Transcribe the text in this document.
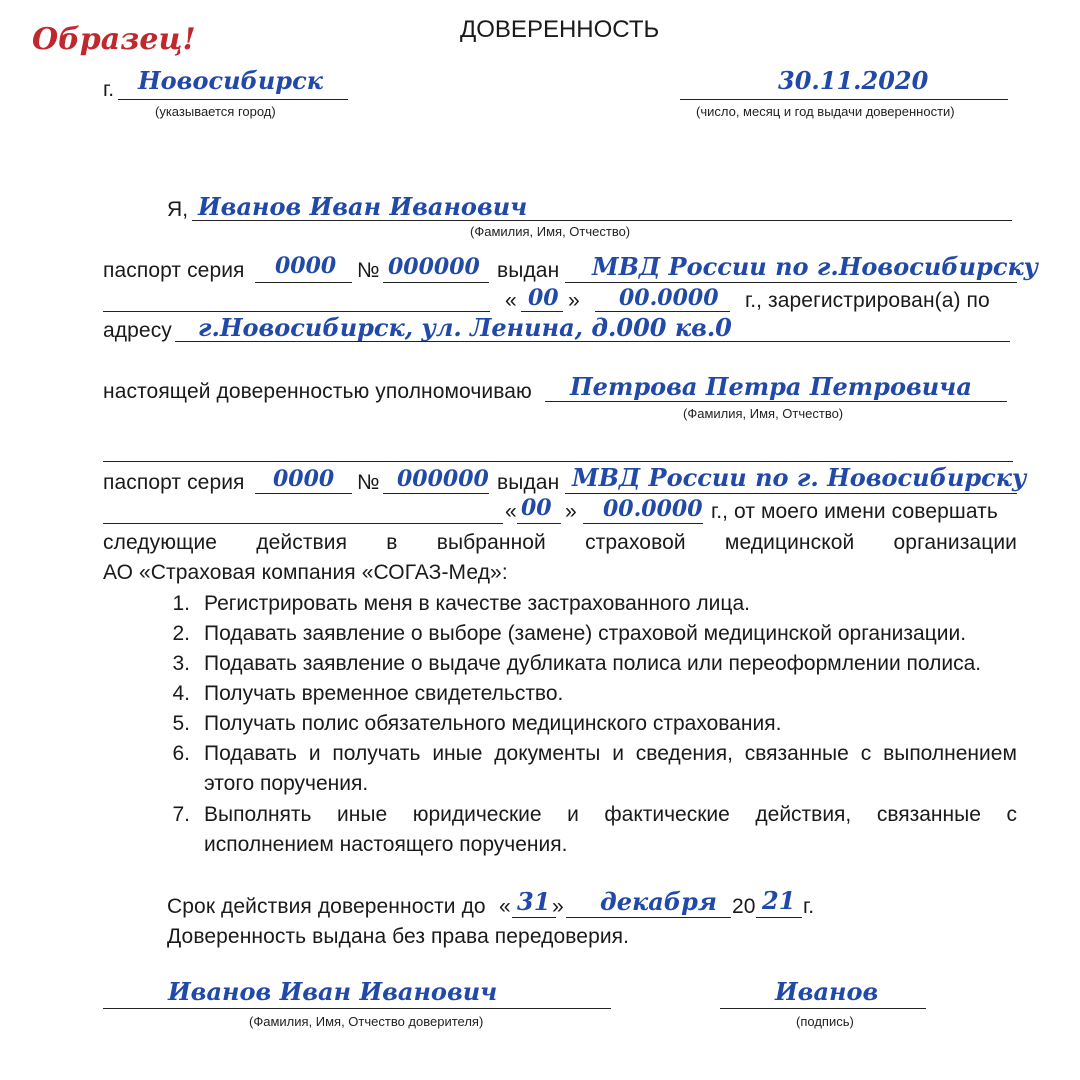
Образец!	ДОВЕРЕННОСТЬ
г. Новосибирск
(указывается город)
30.11.2020
(число, месяц и год выдачи доверенности)
Я, Иванов Иван Иванович
(Фамилия, Имя, Отчество)
паспорт серия 0000 № 000000 выдан МВД России по г.Новосибирску
« 00 » 00.0000 г., зарегистрирован(а) по
адресу г.Новосибирск, ул. Ленина, д.000 кв.0
настоящей доверенностью уполномочиваю Петрова Петра Петровича
(Фамилия, Имя, Отчество)
паспорт серия 0000 № 000000 выдан МВД России по г. Новосибирску
« 00 » 00.0000 г., от моего имени совершать
следующие действия в выбранной страховой медицинской организации
АО «Страховая компания «СОГАЗ-Мед»:
1. Регистрировать меня в качестве застрахованного лица.
2. Подавать заявление о выборе (замене) страховой медицинской организации.
3. Подавать заявление о выдаче дубликата полиса или переоформлении полиса.
4. Получать временное свидетельство.
5. Получать полис обязательного медицинского страхования.
6. Подавать и получать иные документы и сведения, связанные с выполнением
этого поручения.
7. Выполнять иные юридические и фактические действия, связанные с
исполнением настоящего поручения.
Срок действия доверенности до « 31 » декабря 20 21 г.
Доверенность выдана без права передоверия.
Иванов Иван Иванович
(Фамилия, Имя, Отчество доверителя)
Иванов
(подпись)
